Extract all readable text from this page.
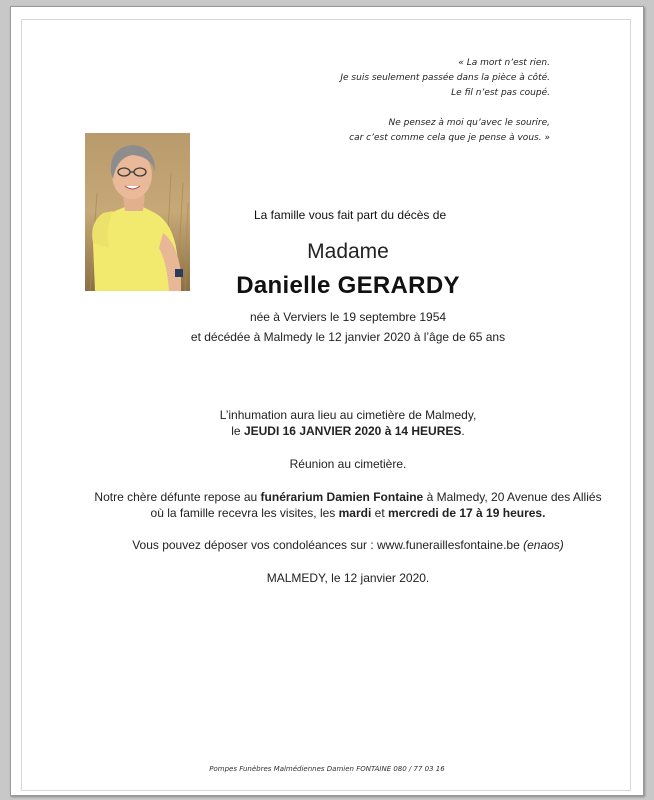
« La mort n’est rien.
Je suis seulement passée dans la pièce à côté.
Le fil n’est pas coupé.
Ne pensez à moi qu’avec le sourire,
car c’est comme cela que je pense à vous. »
La famille vous fait part du décès de
Madame
Danielle GERARDY
née à Verviers le 19 septembre 1954
et décédée à Malmedy le 12 janvier 2020 à l’âge de 65 ans
L’inhumation aura lieu au cimetière de Malmedy,
le JEUDI 16 JANVIER 2020 à 14 HEURES.
Réunion au cimetière.
Notre chère défunte repose au funérarium Damien Fontaine à Malmedy, 20 Avenue des Alliés
où la famille recevra les visites, les mardi et mercredi de 17 à 19 heures.
Vous pouvez déposer vos condoléances sur : www.funeraillesfontaine.be (enaos)
MALMEDY, le 12 janvier 2020.
Pompes Funèbres Malmédiennes Damien FONTAINE 080 / 77 03 16
